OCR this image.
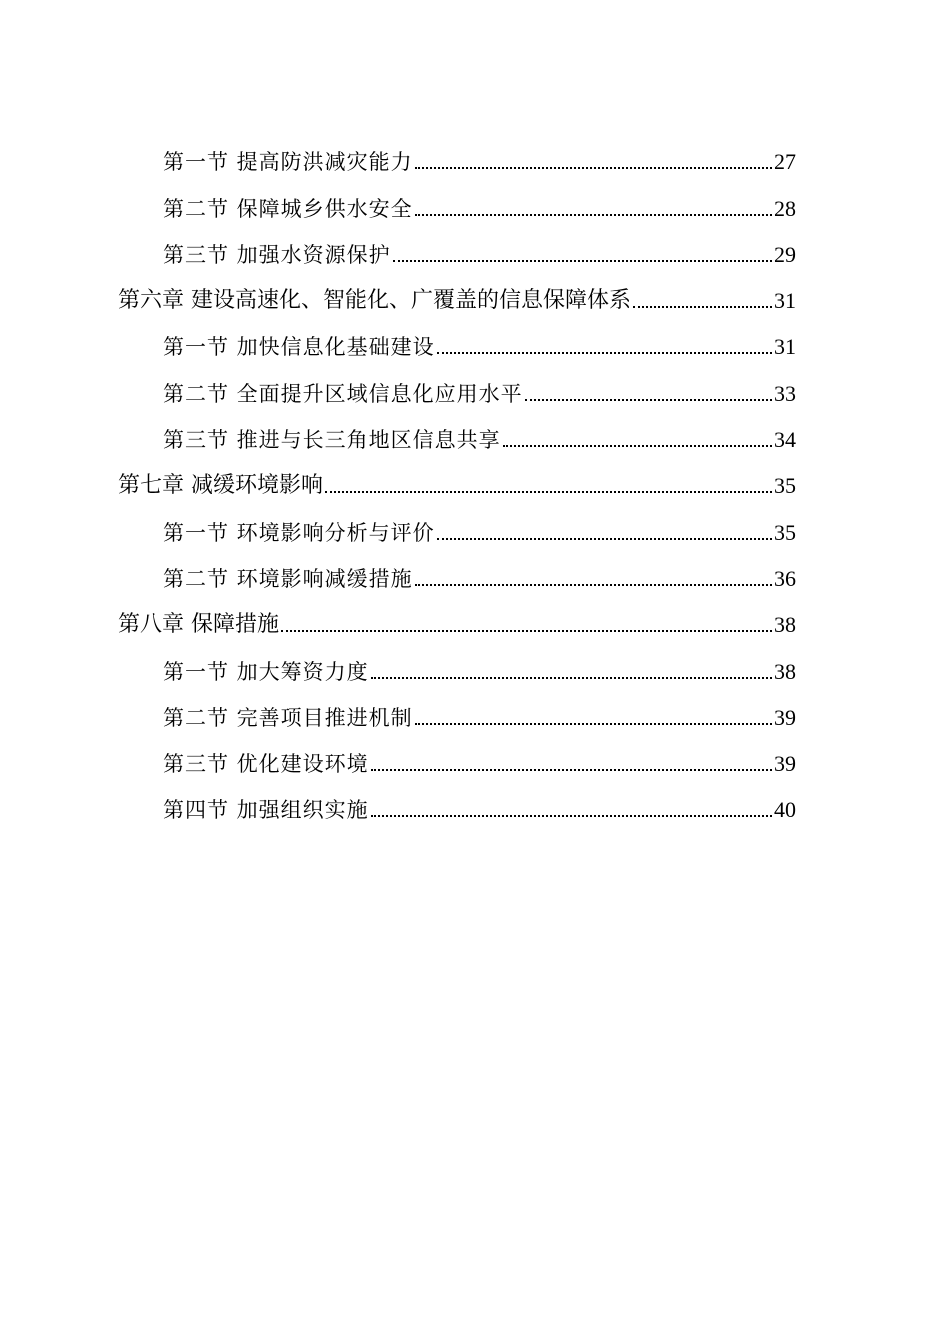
第一节 提高防洪减灾能力	27
第二节 保障城乡供水安全	28
第三节 加强水资源保护	29
第六章 建设高速化、智能化、广覆盖的信息保障体系	31
第一节 加快信息化基础建设	31
第二节 全面提升区域信息化应用水平	33
第三节 推进与长三角地区信息共享	34
第七章 减缓环境影响	35
第一节 环境影响分析与评价	35
第二节 环境影响减缓措施	36
第八章 保障措施	38
第一节 加大筹资力度	38
第二节 完善项目推进机制	39
第三节 优化建设环境	39
第四节 加强组织实施	40
